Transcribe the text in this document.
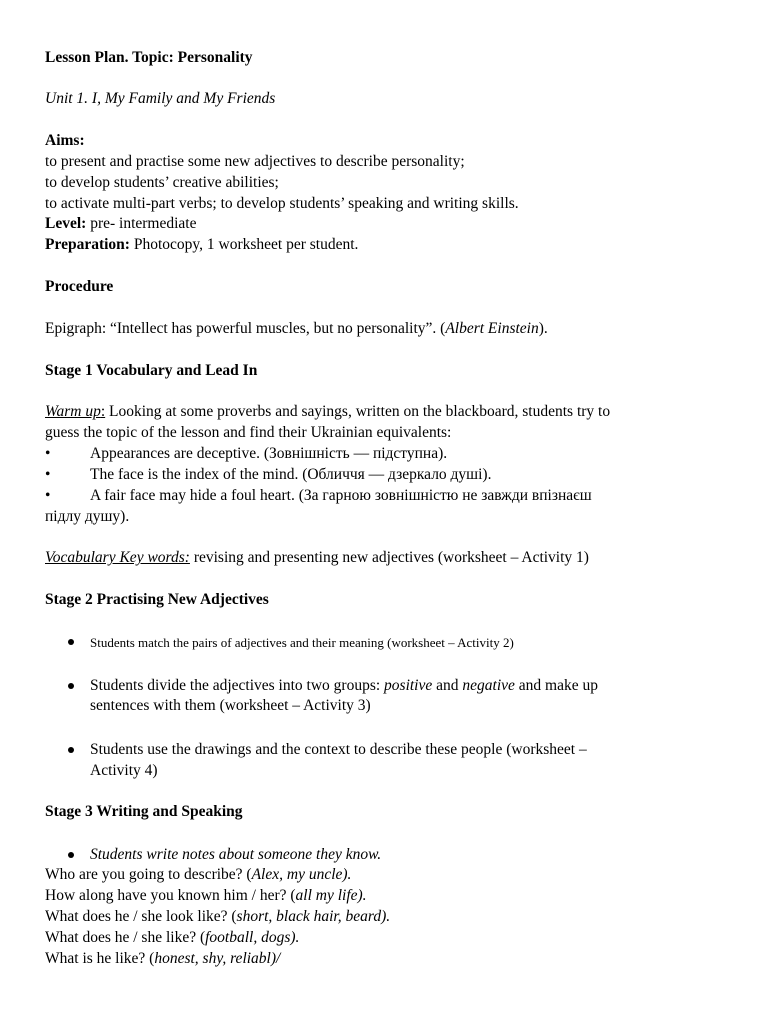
Lesson Plan. Topic: Personality
Unit 1. I, My Family and My Friends
Aims:
to present and practise some new adjectives to describe personality;
to develop students’ creative abilities;
to activate multi-part verbs; to develop students’ speaking and writing skills.
Level: pre- intermediate
Preparation: Photocopy, 1 worksheet per student.
Procedure
Epigraph: “Intellect has powerful muscles, but no personality”. (Albert Einstein).
Stage 1 Vocabulary and Lead In
Warm up: Looking at some proverbs and sayings, written on the blackboard, students try to
guess the topic of the lesson and find their Ukrainian equivalents:
•	Appearances are deceptive. (Зовнішність — підступна).
•	The face is the index of the mind. (Обличчя — дзеркало душі).
•	A fair face may hide a foul heart. (За гарною зовнішністю не завжди впізнаєш
підлу душу).
Vocabulary Key words: revising and presenting new adjectives (worksheet – Activity 1)
Stage 2 Practising New Adjectives
Students match the pairs of adjectives and their meaning (worksheet – Activity 2)
Students divide the adjectives into two groups: positive and negative and make up
sentences with them (worksheet – Activity 3)
Students use the drawings and the context to describe these people (worksheet –
Activity 4)
Stage 3 Writing and Speaking
Students write notes about someone they know.
Who are you going to describe? (Alex, my uncle).
How along have you known him / her? (all my life).
What does he / she look like? (short, black hair, beard).
What does he / she like? (football, dogs).
What is he like? (honest, shy, reliabl)/
